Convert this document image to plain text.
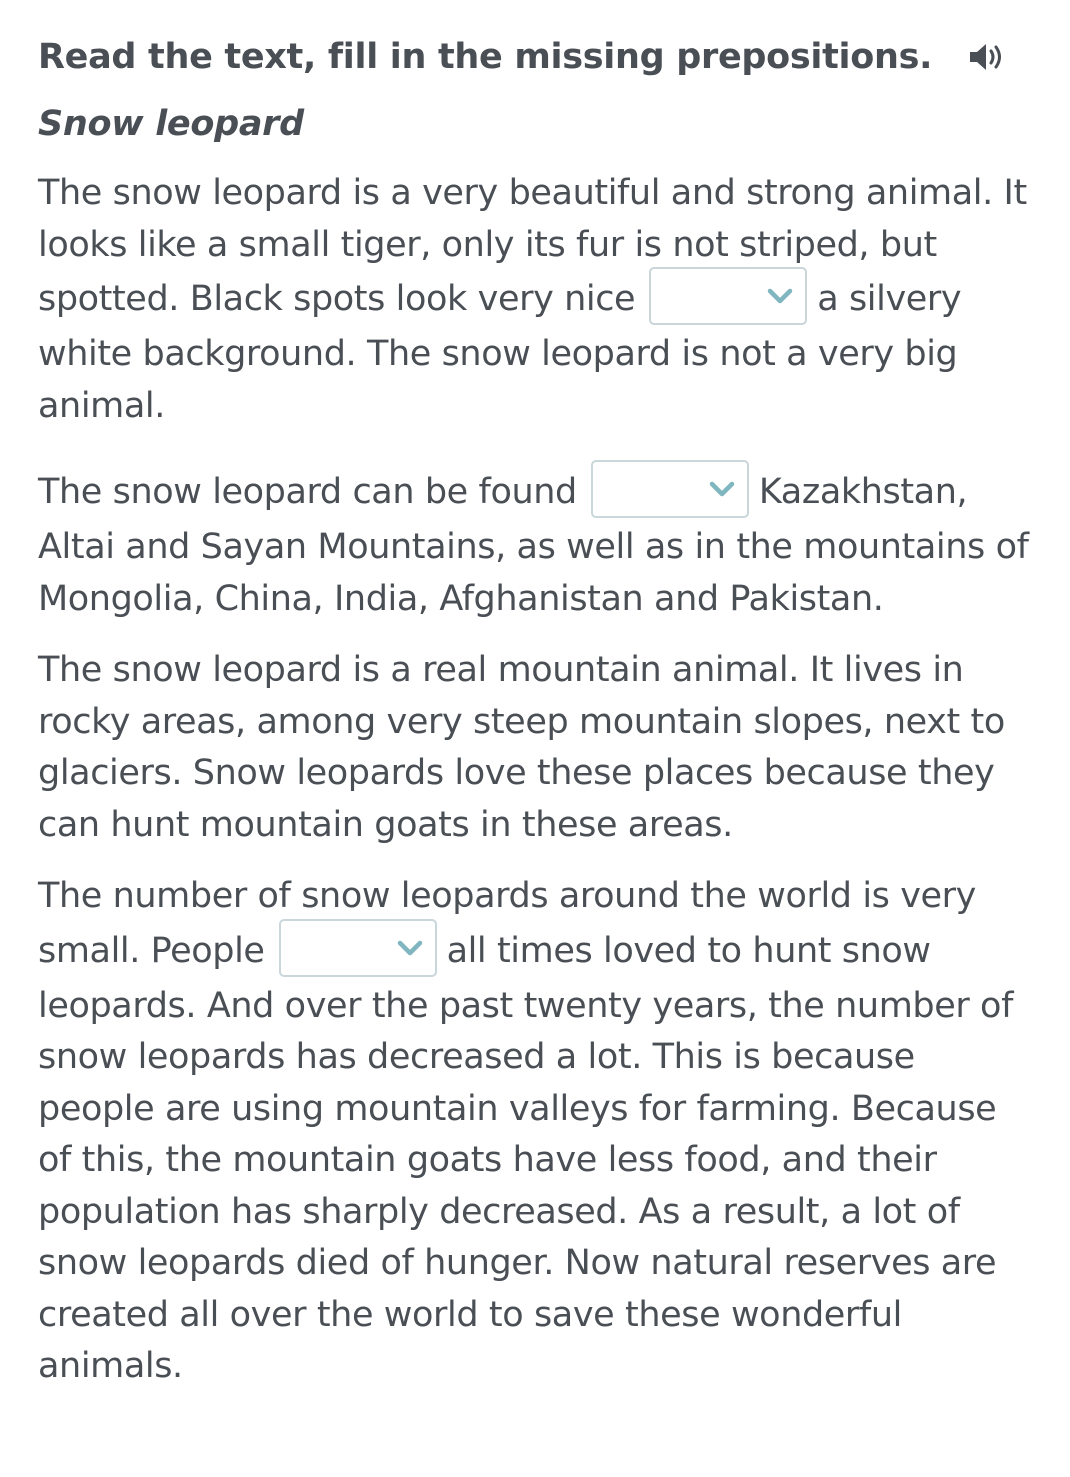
Read the text, fill in the missing prepositions.
Snow leopard

The snow leopard is a very beautiful and strong animal. It looks like a small tiger, only its fur is not striped, but spotted. Black spots look very nice	a silvery white background. The snow leopard is not a very big animal.

The snow leopard can be found	Kazakhstan, Altai and Sayan Mountains, as well as in the mountains of Mongolia, China, India, Afghanistan and Pakistan.

The snow leopard is a real mountain animal. It lives in rocky areas, among very steep mountain slopes, next to glaciers. Snow leopards love these places because they can hunt mountain goats in these areas.

The number of snow leopards around the world is very small. People	all times loved to hunt snow leopards. And over the past twenty years, the number of snow leopards has decreased a lot. This is because people are using mountain valleys for farming. Because of this, the mountain goats have less food, and their population has sharply decreased. As a result, a lot of snow leopards died of hunger. Now natural reserves are created all over the world to save these wonderful animals.
